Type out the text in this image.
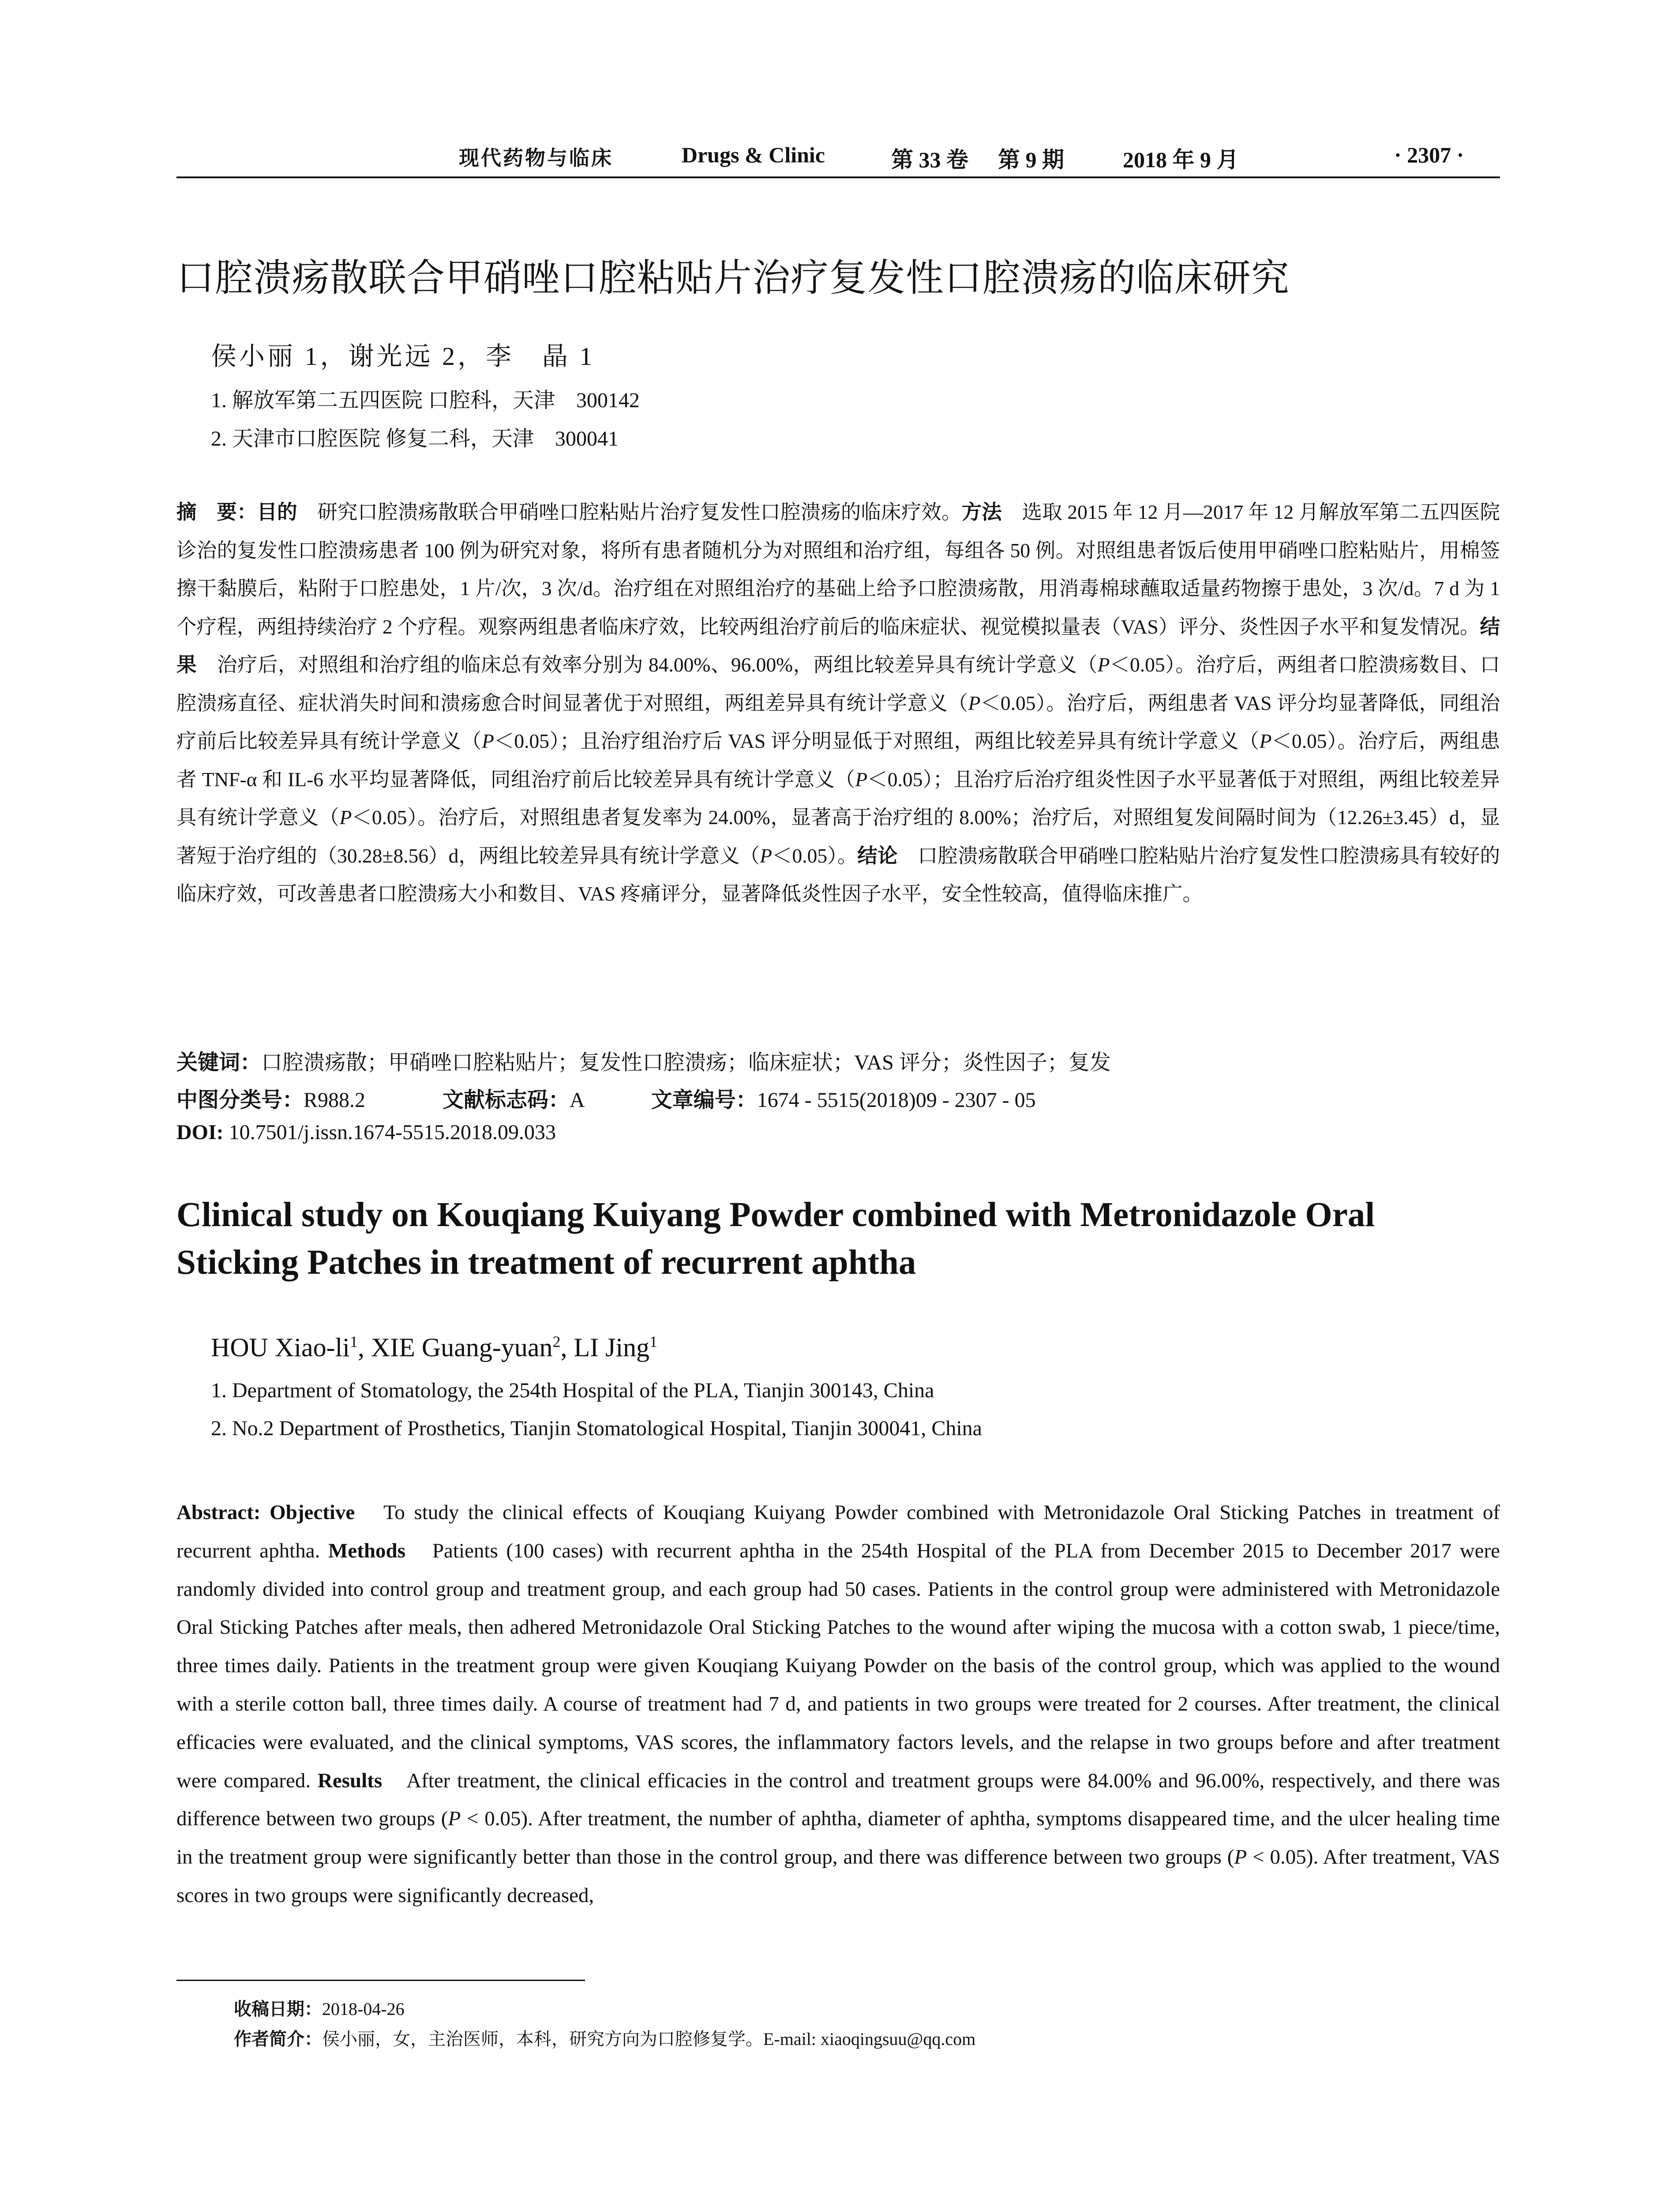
现代药物与临床	Drugs & Clinic	第 33 卷 第 9 期	2018 年 9 月	· 2307 ·
口腔溃疡散联合甲硝唑口腔粘贴片治疗复发性口腔溃疡的临床研究
侯小丽 1，谢光远 2，李　晶 1
1. 解放军第二五四医院 口腔科，天津　300142
2. 天津市口腔医院 修复二科，天津　300041
摘　要：目的　研究口腔溃疡散联合甲硝唑口腔粘贴片治疗复发性口腔溃疡的临床疗效。方法　选取 2015 年 12 月—2017 年 12 月解放军第二五四医院诊治的复发性口腔溃疡患者 100 例为研究对象，将所有患者随机分为对照组和治疗组，每组各 50 例。对照组患者饭后使用甲硝唑口腔粘贴片，用棉签擦干黏膜后，粘附于口腔患处，1 片/次，3 次/d。治疗组在对照组治疗的基础上给予口腔溃疡散，用消毒棉球蘸取适量药物擦于患处，3 次/d。7 d 为 1 个疗程，两组持续治疗 2 个疗程。观察两组患者临床疗效，比较两组治疗前后的临床症状、视觉模拟量表（VAS）评分、炎性因子水平和复发情况。结果　治疗后，对照组和治疗组的临床总有效率分别为 84.00%、96.00%，两组比较差异具有统计学意义（P＜0.05）。治疗后，两组者口腔溃疡数目、口腔溃疡直径、症状消失时间和溃疡愈合时间显著优于对照组，两组差异具有统计学意义（P＜0.05）。治疗后，两组患者 VAS 评分均显著降低，同组治疗前后比较差异具有统计学意义（P＜0.05）；且治疗组治疗后 VAS 评分明显低于对照组，两组比较差异具有统计学意义（P＜0.05）。治疗后，两组患者 TNF-α 和 IL-6 水平均显著降低，同组治疗前后比较差异具有统计学意义（P＜0.05）；且治疗后治疗组炎性因子水平显著低于对照组，两组比较差异具有统计学意义（P＜0.05）。治疗后，对照组患者复发率为 24.00%，显著高于治疗组的 8.00%；治疗后，对照组复发间隔时间为（12.26±3.45）d，显著短于治疗组的（30.28±8.56）d，两组比较差异具有统计学意义（P＜0.05）。结论　口腔溃疡散联合甲硝唑口腔粘贴片治疗复发性口腔溃疡具有较好的临床疗效，可改善患者口腔溃疡大小和数目、VAS 疼痛评分，显著降低炎性因子水平，安全性较高，值得临床推广。
关键词：口腔溃疡散；甲硝唑口腔粘贴片；复发性口腔溃疡；临床症状；VAS 评分；炎性因子；复发
中图分类号：R988.2	文献标志码：A	文章编号：1674 - 5515(2018)09 - 2307 - 05
DOI: 10.7501/j.issn.1674-5515.2018.09.033
Clinical study on Kouqiang Kuiyang Powder combined with Metronidazole Oral Sticking Patches in treatment of recurrent aphtha
HOU Xiao-$li^1$, XIE Guang-yuan$^2$, LI Jing$^1$
1. Department of Stomatology, the 254th Hospital of the PLA, Tianjin 300143, China
2. No.2 Department of Prosthetics, Tianjin Stomatological Hospital, Tianjin 300041, China
Abstract: Objective　To study the clinical effects of Kouqiang Kuiyang Powder combined with Metronidazole Oral Sticking Patches in treatment of recurrent aphtha. Methods　Patients (100 cases) with recurrent aphtha in the 254th Hospital of the PLA from December 2015 to December 2017 were randomly divided into control group and treatment group, and each group had 50 cases. Patients in the control group were administered with Metronidazole Oral Sticking Patches after meals, then adhered Metronidazole Oral Sticking Patches to the wound after wiping the mucosa with a cotton swab, 1 piece/time, three times daily. Patients in the treatment group were given Kouqiang Kuiyang Powder on the basis of the control group, which was applied to the wound with a sterile cotton ball, three times daily. A course of treatment had 7 d, and patients in two groups were treated for 2 courses. After treatment, the clinical efficacies were evaluated, and the clinical symptoms, VAS scores, the inflammatory factors levels, and the relapse in two groups before and after treatment were compared. Results　After treatment, the clinical efficacies in the control and treatment groups were 84.00% and 96.00%, respectively, and there was difference between two groups (P < 0.05). After treatment, the number of aphtha, diameter of aphtha, symptoms disappeared time, and the ulcer healing time in the treatment group were significantly better than those in the control group, and there was difference between two groups (P < 0.05). After treatment, VAS scores in two groups were significantly decreased,
收稿日期：2018-04-26
作者简介：侯小丽，女，主治医师，本科，研究方向为口腔修复学。E-mail: xiaoqingsuu@qq.com
